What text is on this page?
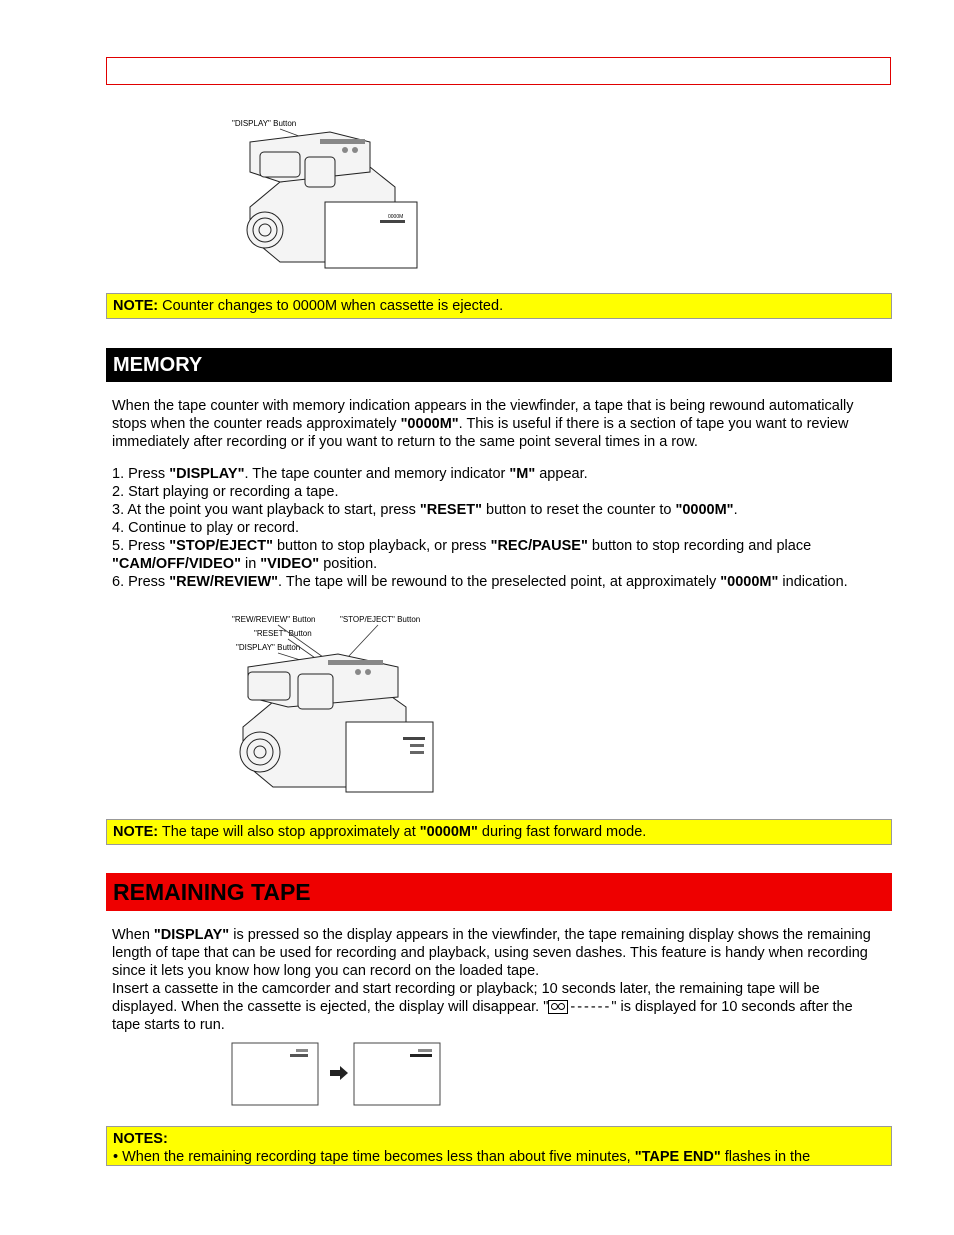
"DISPLAY" Button
0000M
NOTE: Counter changes to 0000M when cassette is ejected.
MEMORY

When the tape counter with memory indication appears in the viewfinder, a tape that is being rewound automatically stops when the counter reads approximately "0000M". This is useful if there is a section of tape you want to review immediately after recording or if you want to return to the same point several times in a row.

1. Press "DISPLAY". The tape counter and memory indicator "M" appear.

2. Start playing or recording a tape.

3. At the point you want playback to start, press "RESET" button to reset the counter to "0000M".

4. Continue to play or record.

5. Press "STOP/EJECT" button to stop playback, or press "REC/PAUSE" button to stop recording and place "CAM/OFF/VIDEO" in "VIDEO" position.

6. Press "REW/REVIEW". The tape will be rewound to the preselected point, at approximately "0000M" indication.

"REW/REVIEW" Button	"STOP/EJECT" Button
"RESET" Button
"DISPLAY" Button
NOTE: The tape will also stop approximately at "0000M" during fast forward mode.
REMAINING TAPE

When "DISPLAY" is pressed so the display appears in the viewfinder, the tape remaining display shows the remaining length of tape that can be used for recording and playback, using seven dashes. This feature is handy when recording since it lets you know how long you can record on the loaded tape.

Insert a cassette in the camcorder and start recording or playback; 10 seconds later, the remaining tape will be displayed. When the cassette is ejected, the display will disappear. " ------" is displayed for 10 seconds after the tape starts to run.

NOTES:
• When the remaining recording tape time becomes less than about five minutes, "TAPE END" flashes in the
